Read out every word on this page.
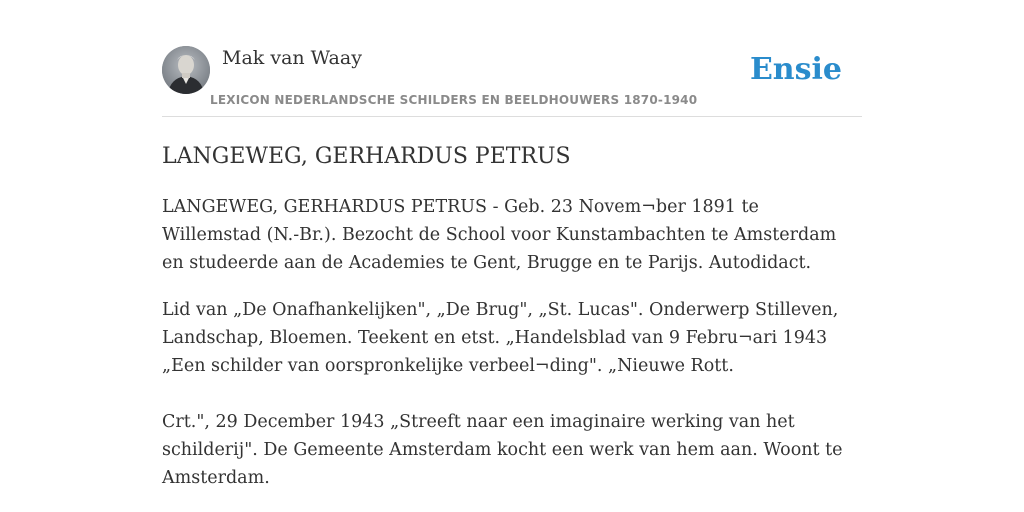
Mak van Waay
LEXICON NEDERLANDSCHE SCHILDERS EN BEELDHOUWERS 1870-1940
Ensie
LANGEWEG, GERHARDUS PETRUS

LANGEWEG, GERHARDUS PETRUS - Geb. 23 Novem¬ber 1891 te Willemstad (N.-Br.). Bezocht de School voor Kunstambachten te Amsterdam en studeerde aan de Academies te Gent, Brugge en te Parijs. Autodidact.

Lid van „De Onafhankelijken", „De Brug", „St. Lucas". Onderwerp Stilleven, Landschap, Bloemen. Teekent en etst. „Handelsblad van 9 Febru¬ari 1943 „Een schilder van oorspronkelijke verbeel¬ding". „Nieuwe Rott.

Crt.", 29 December 1943 „Streeft naar een imaginaire werking van het schilderij". De Gemeente Amsterdam kocht een werk van hem aan. Woont te Amsterdam.
